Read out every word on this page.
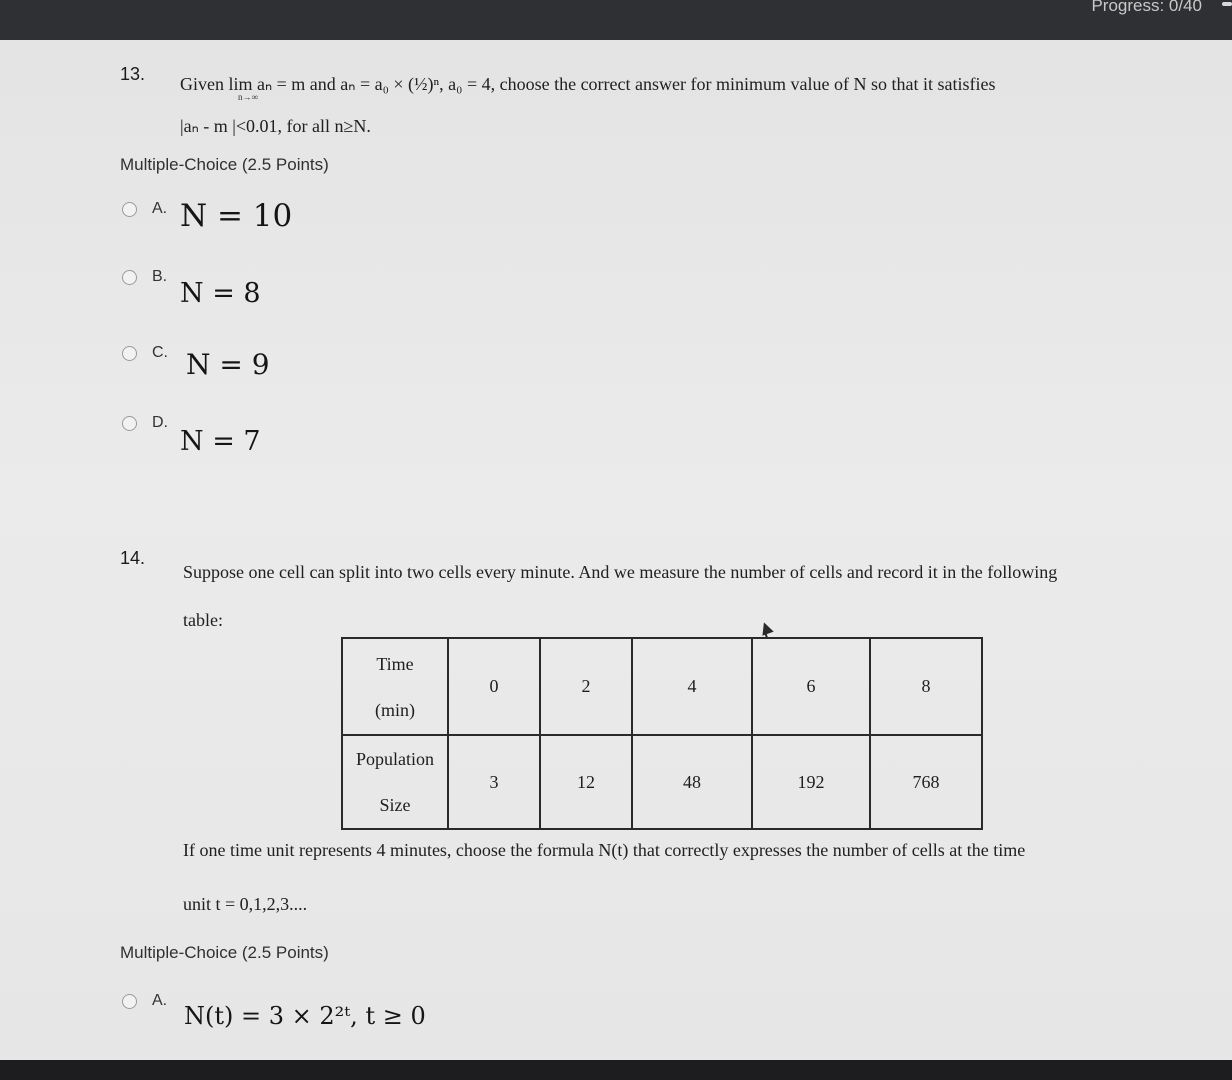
Progress: 0/40
13. Given lim aₙ = m and aₙ = a₀ × (½)ⁿ, a₀ = 4, choose the correct answer for minimum value of N so that it satisfies
n→∞
|aₙ - m |<0.01, for all n≥N.
Multiple-Choice (2.5 Points)
A. N = 10
B.
N = 8
C. N = 9
D.
N = 7
14.
Suppose one cell can split into two cells every minute. And we measure the number of cells and record it in the following
table:
Time
(min)	0	2	4	6	8

Population
Size	3	12	48	192	768
If one time unit represents 4 minutes, choose the formula N(t) that correctly expresses the number of cells at the time
unit t = 0,1,2,3....
Multiple-Choice (2.5 Points)
A.
N(t) = 3 × 2²ᵗ, t ≥ 0
